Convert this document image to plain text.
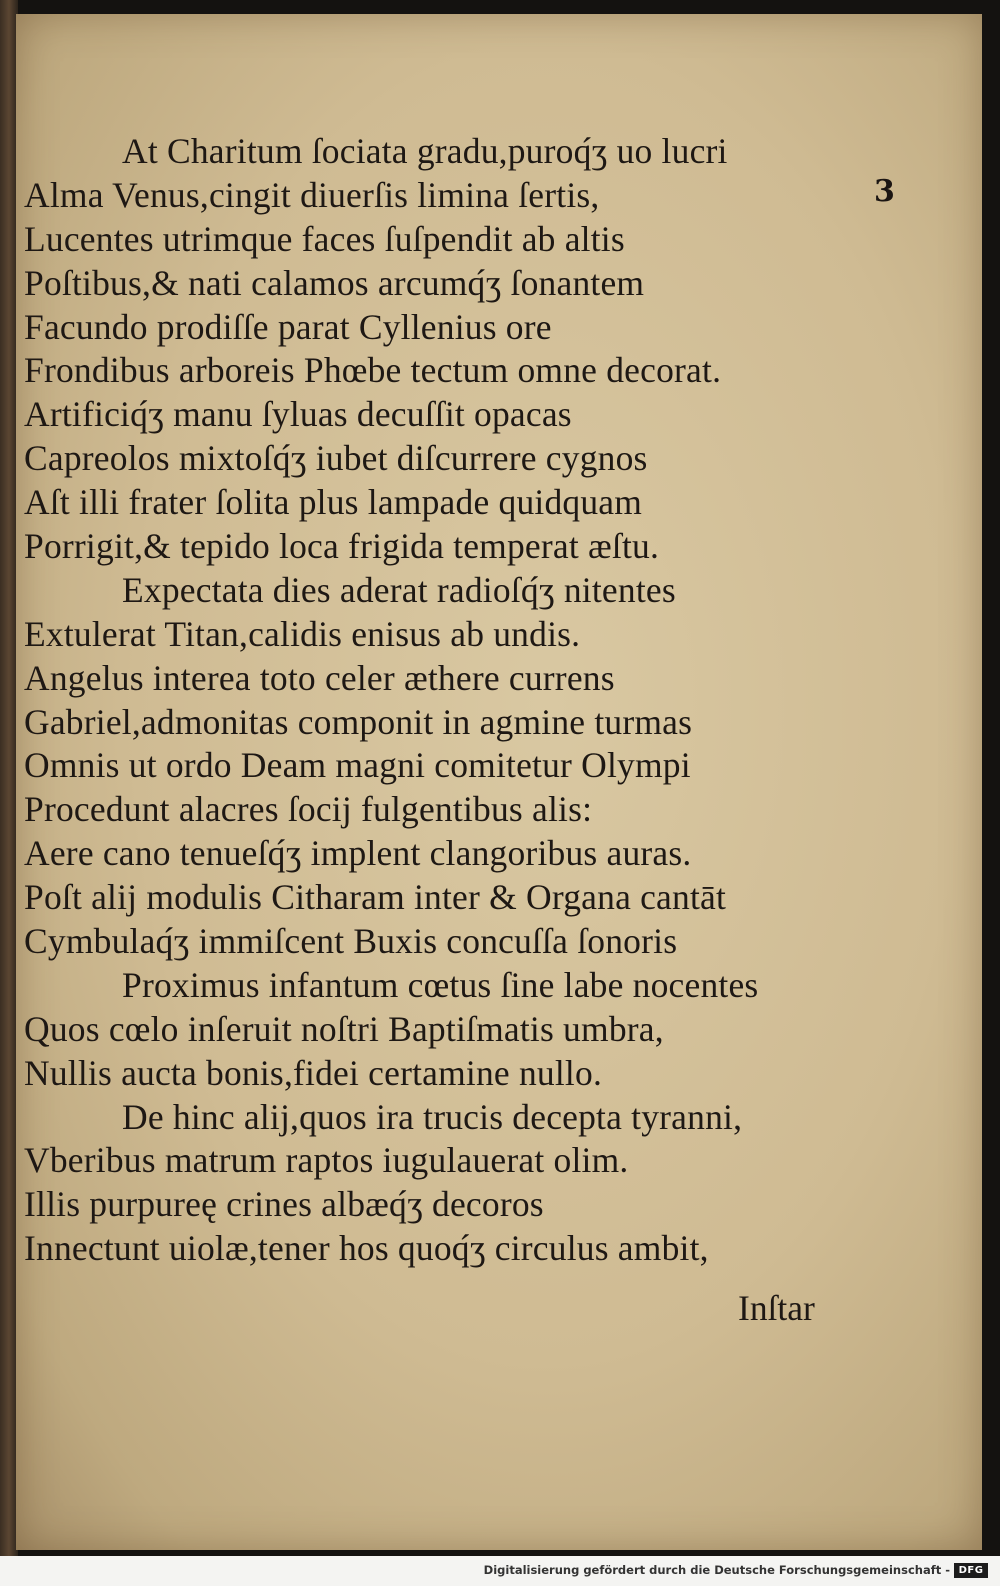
3
At Charitum ſociata gradu,puroq́ʒ uo lucri
Alma Venus,cingit diuerſis limina ſertis,
Lucentes utrimque faces ſuſpendit ab altis
Poſtibus,& nati calamos arcumq́ʒ ſonantem
Facundo prodiſſe parat Cyllenius ore
Frondibus arboreis Phœbe tectum omne decorat.
Artificiq́ʒ manu ſyluas decuſſit opacas
Capreolos mixtoſq́ʒ iubet diſcurrere cygnos
Aſt illi frater ſolita plus lampade quidquam
Porrigit,& tepido loca frigida temperat æſtu.
Expectata dies aderat radioſq́ʒ nitentes
Extulerat Titan,calidis enisus ab undis.
Angelus interea toto celer æthere currens
Gabriel,admonitas componit in agmine turmas
Omnis ut ordo Deam magni comitetur Olympi
Procedunt alacres ſocij fulgentibus alis:
Aere cano tenueſq́ʒ implent clangoribus auras.
Poſt alij modulis Citharam inter & Organa cantāt
Cymbulaq́ʒ immiſcent Buxis concuſſa ſonoris
Proximus infantum cœtus ſine labe nocentes
Quos cœlo inſeruit noſtri Baptiſmatis umbra,
Nullis aucta bonis,fidei certamine nullo.
De hinc alij,quos ira trucis decepta tyranni,
Vberibus matrum raptos iugulauerat olim.
Illis purpureę crines albæq́ʒ decoros
Innectunt uiolæ,tener hos quoq́ʒ circulus ambit,
Inſtar
Digitalisierung gefördert durch die Deutsche Forschungsgemeinschaft - DFG
